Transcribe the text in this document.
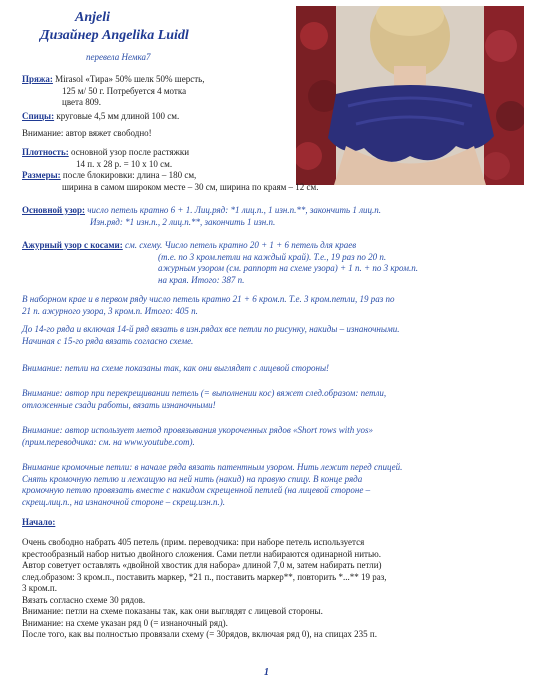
Anjeli
Дизайнер Angelika Luidl
перевела Немка7
Пряжа: Mirasol «Тира» 50% шелк 50% шерсть,

125 м/ 50 г. Потребуется 4 мотка
цвета 809.
Спицы: круговые 4,5 мм длиной 100 см.
Внимание: автор вяжет свободно!
Плотность: основной узор после растяжки

14 п. х 28 р. = 10 х 10 см.
Размеры: после блокировки: длина – 180 см,

ширина в самом широком месте – 30 см, ширина по краям – 12 см.
Основной узор: число петель кратно 6 + 1. Лиц.ряд: *1 лиц.п., 1 изн.п.**, закончить 1 лиц.п.

Изн.ряд: *1 изн.п., 2 лиц.п.**, закончить 1 изн.п.
Ажурный узор с косами: см. схему. Число петель кратно 20 + 1 + 6 петель для краев

(т.е. по 3 кром.петли на каждый край). Т.е., 19 раз по 20 п.
ажурным узором (см. раппорт на схеме узора) + 1 п. + по 3 кром.п.
на края. Итого: 387 п.
В наборном крае и в первом ряду число петель кратно 21 + 6 кром.п. Т.е. 3 кром.петли, 19 раз по
21 п. ажурного узора, 3 кром.п. Итого: 405 п.
До 14-го ряда и включая 14-й ряд вязать в изн.рядах все петли по рисунку, накиды – изнаночными.
Начиная с 15-го ряда вязать согласно схеме.
Внимание: петли на схеме показаны так, как они выглядят с лицевой стороны!
Внимание: автор при перекрещивании петель (= выполнении кос) вяжет след.образом: петли,
отложенные сзади работы, вязать изнаночными!
Внимание: автор использует метод провязывания укороченных рядов «Short rows with yos»
(прим.переводчика: см. на www.youtube.com).
Внимание кромочные петли: в начале ряда вязать патентным узором. Нить лежит перед спицей.
Снять кромочную петлю и лежащую на ней нить (накид) на правую спицу. В конце ряда
кромочную петлю провязать вместе с накидом скрещенной петлей (на лицевой стороне –
скрещ.лиц.п., на изнаночной стороне – скрещ.изн.п.).
Начало:
Очень свободно набрать 405 петель (прим. переводчика: при наборе петель используется
крестообразный набор нитью двойного сложения. Сами петли набираются одинарной нитью.
Автор советует оставлять «двойной хвостик для набора» длиной 7,0 м, затем набирать петли)
след.образом: 3 кром.п., поставить маркер, *21 п., поставить маркер**, повторить *...** 19 раз,
3 кром.п.
Вязать согласно схеме 30 рядов.
Внимание: петли на схеме показаны так, как они выглядят с лицевой стороны.
Внимание: на схеме указан ряд 0 (= изнаночный ряд).
После того, как вы полностью провязали схему (= 30рядов, включая ряд 0), на спицах 235 п.
1
